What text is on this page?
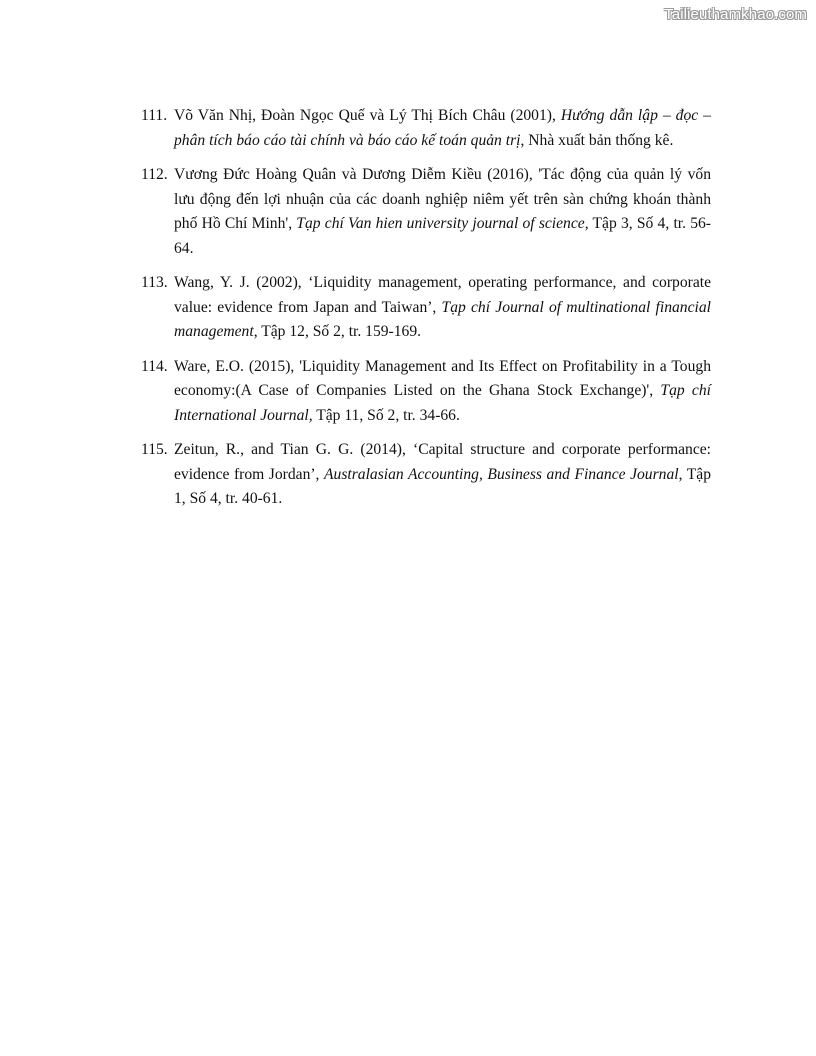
Tailieuthamkhao.com
111. Võ Văn Nhị, Đoàn Ngọc Quế và Lý Thị Bích Châu (2001), Hướng dẫn lập – đọc – phân tích báo cáo tài chính và báo cáo kế toán quản trị, Nhà xuất bản thống kê.
112. Vương Đức Hoàng Quân và Dương Diễm Kiều (2016), 'Tác động của quản lý vốn lưu động đến lợi nhuận của các doanh nghiệp niêm yết trên sàn chứng khoán thành phố Hồ Chí Minh', Tạp chí Van hien university journal of science, Tập 3, Số 4, tr. 56-64.
113. Wang, Y. J. (2002), ‘Liquidity management, operating performance, and corporate value: evidence from Japan and Taiwan’, Tạp chí Journal of multinational financial management, Tập 12, Số 2, tr. 159-169.
114. Ware, E.O. (2015), 'Liquidity Management and Its Effect on Profitability in a Tough economy:(A Case of Companies Listed on the Ghana Stock Exchange)', Tạp chí International Journal, Tập 11, Số 2, tr. 34-66.
115. Zeitun, R., and Tian G. G. (2014), ‘Capital structure and corporate performance: evidence from Jordan’, Australasian Accounting, Business and Finance Journal, Tập 1, Số 4, tr. 40-61.
